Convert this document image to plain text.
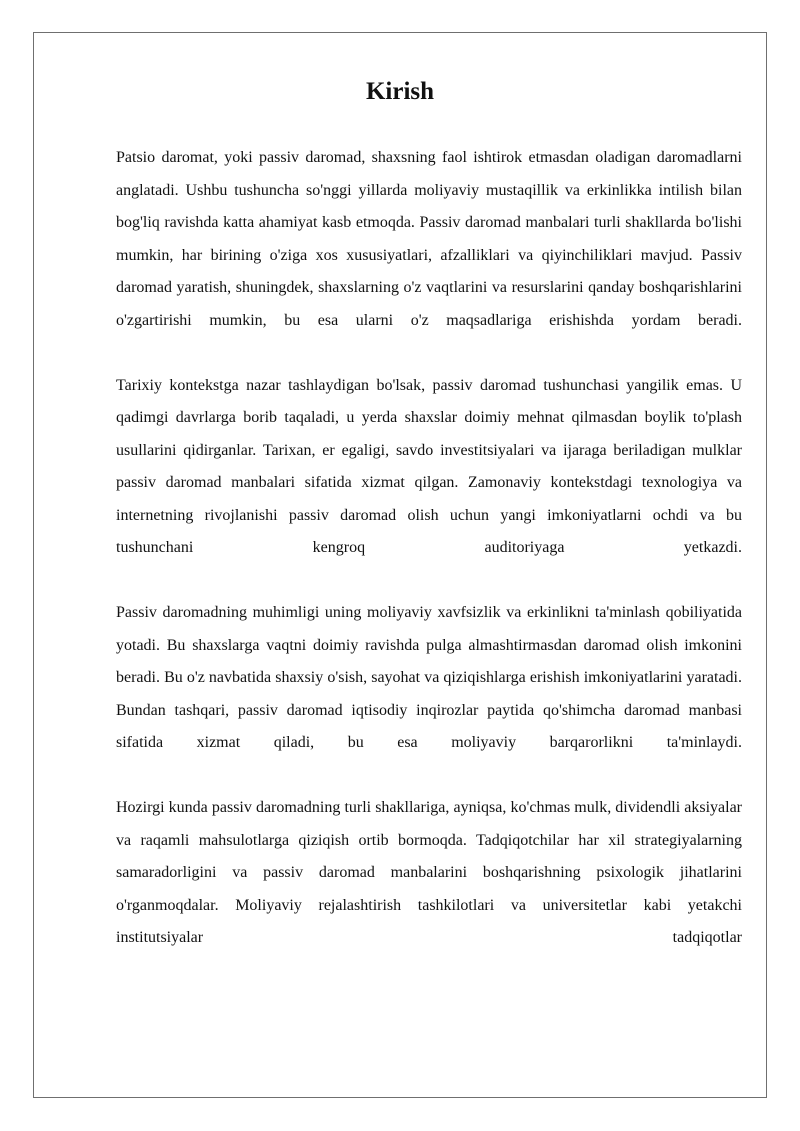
Kirish

Patsio daromat, yoki passiv daromad, shaxsning faol ishtirok etmasdan oladigan daromadlarni anglatadi. Ushbu tushuncha so'nggi yillarda moliyaviy mustaqillik va erkinlikka intilish bilan bog'liq ravishda katta ahamiyat kasb etmoqda. Passiv daromad manbalari turli shakllarda bo'lishi mumkin, har birining o'ziga xos xususiyatlari, afzalliklari va qiyinchiliklari mavjud. Passiv daromad yaratish, shuningdek, shaxslarning o'z vaqtlarini va resurslarini qanday boshqarishlarini o'zgartirishi mumkin, bu esa ularni o'z maqsadlariga erishishda yordam beradi.

Tarixiy kontekstga nazar tashlaydigan bo'lsak, passiv daromad tushunchasi yangilik emas. U qadimgi davrlarga borib taqaladi, u yerda shaxslar doimiy mehnat qilmasdan boylik to'plash usullarini qidirganlar. Tarixan, er egaligi, savdo investitsiyalari va ijaraga beriladigan mulklar passiv daromad manbalari sifatida xizmat qilgan. Zamonaviy kontekstdagi texnologiya va internetning rivojlanishi passiv daromad olish uchun yangi imkoniyatlarni ochdi va bu tushunchani kengroq auditoriyaga yetkazdi.

Passiv daromadning muhimligi uning moliyaviy xavfsizlik va erkinlikni ta'minlash qobiliyatida yotadi. Bu shaxslarga vaqtni doimiy ravishda pulga almashtirmasdan daromad olish imkonini beradi. Bu o'z navbatida shaxsiy o'sish, sayohat va qiziqishlarga erishish imkoniyatlarini yaratadi. Bundan tashqari, passiv daromad iqtisodiy inqirozlar paytida qo'shimcha daromad manbasi sifatida xizmat qiladi, bu esa moliyaviy barqarorlikni ta'minlaydi.

Hozirgi kunda passiv daromadning turli shakllariga, ayniqsa, ko'chmas mulk, dividendli aksiyalar va raqamli mahsulotlarga qiziqish ortib bormoqda. Tadqiqotchilar har xil strategiyalarning samaradorligini va passiv daromad manbalarini boshqarishning psixologik jihatlarini o'rganmoqdalar. Moliyaviy rejalashtirish tashkilotlari va universitetlar kabi yetakchi institutsiyalar tadqiqotlar
